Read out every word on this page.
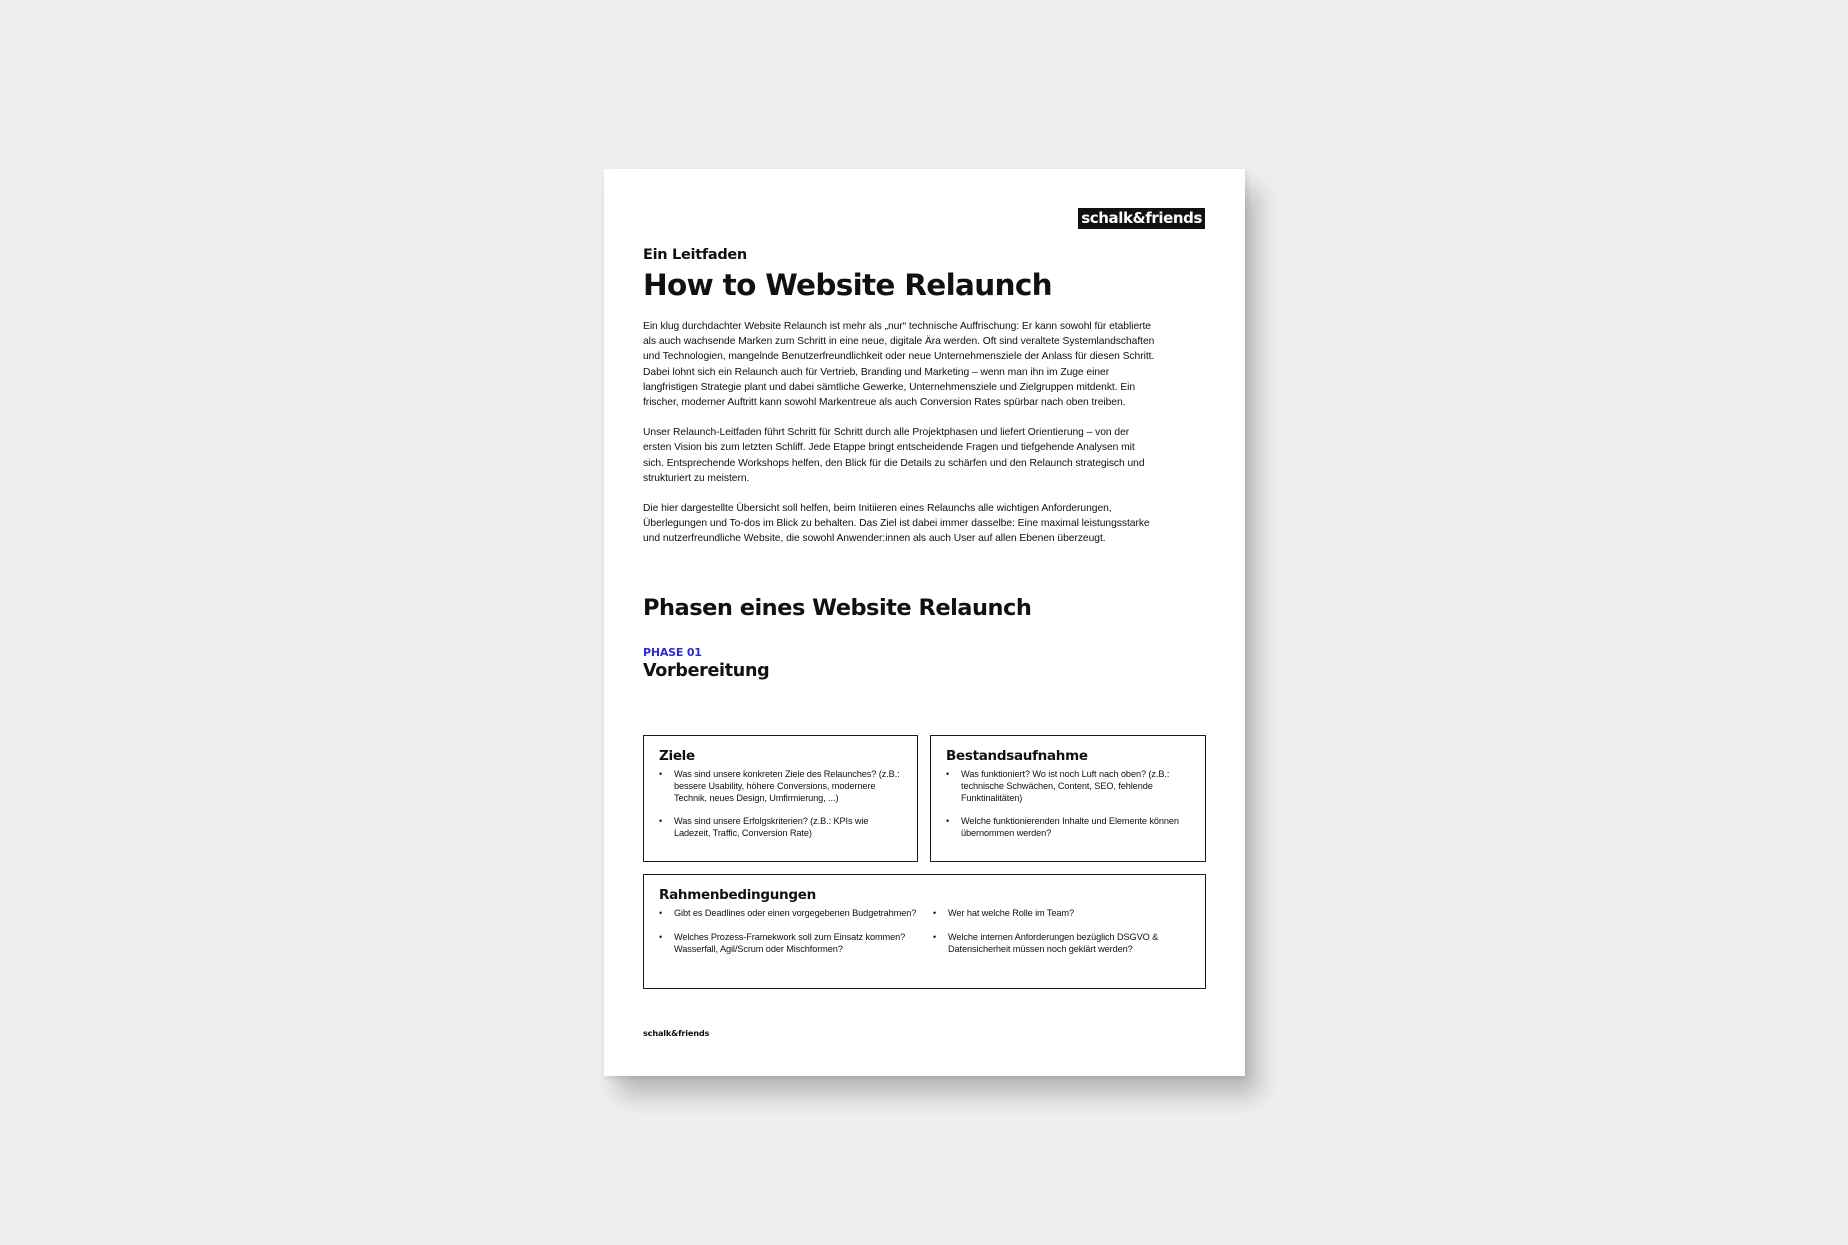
schalk&friends
Ein Leitfaden
How to Website Relaunch

Ein klug durchdachter Website Relaunch ist mehr als „nur“ technische Auffrischung: Er kann sowohl für etablierte als auch wachsende Marken zum Schritt in eine neue, digitale Ära werden. Oft sind veraltete Systemlandschaften und Technologien, mangelnde Benutzerfreundlichkeit oder neue Unternehmensziele der Anlass für diesen Schritt. Dabei lohnt sich ein Relaunch auch für Vertrieb, Branding und Marketing – wenn man ihn im Zuge einer langfristigen Strategie plant und dabei sämtliche Gewerke, Unternehmensziele und Zielgruppen mitdenkt. Ein frischer, moderner Auftritt kann sowohl Markentreue als auch Conversion Rates spürbar nach oben treiben.

Unser Relaunch-Leitfaden führt Schritt für Schritt durch alle Projektphasen und liefert Orientierung – von der ersten Vision bis zum letzten Schliff. Jede Etappe bringt entscheidende Fragen und tiefgehende Analysen mit sich. Entsprechende Workshops helfen, den Blick für die Details zu schärfen und den Relaunch strategisch und strukturiert zu meistern.

Die hier dargestellte Übersicht soll helfen, beim Initiieren eines Relaunchs alle wichtigen Anforderungen, Überlegungen und To-dos im Blick zu behalten. Das Ziel ist dabei immer dasselbe: Eine maximal leistungsstarke und nutzerfreundliche Website, die sowohl Anwender:innen als auch User auf allen Ebenen überzeugt.

Phasen eines Website Relaunch
PHASE 01
Vorbereitung
Ziele
• Was sind unsere konkreten Ziele des Relaunches? (z.B.: bessere Usability, höhere Conversions, modernere Technik, neues Design, Umfirmierung, ...)
• Was sind unsere Erfolgskriterien? (z.B.: KPIs wie Ladezeit, Traffic, Conversion Rate)
Bestandsaufnahme
• Was funktioniert? Wo ist noch Luft nach oben? (z.B.: technische Schwächen, Content, SEO, fehlende Funktinalitäten)
• Welche funktionierenden Inhalte und Elemente können übernommen werden?
Rahmenbedingungen
• Gibt es Deadlines oder einen vorgegebenen Budgetrahmen?
• Welches Prozess-Framekwork soll zum Einsatz kommen? Wasserfall, Agil/Scrum oder Mischformen?
• Wer hat welche Rolle im Team?
• Welche internen Anforderungen bezüglich DSGVO & Datensicherheit müssen noch geklärt werden?
schalk&friends
